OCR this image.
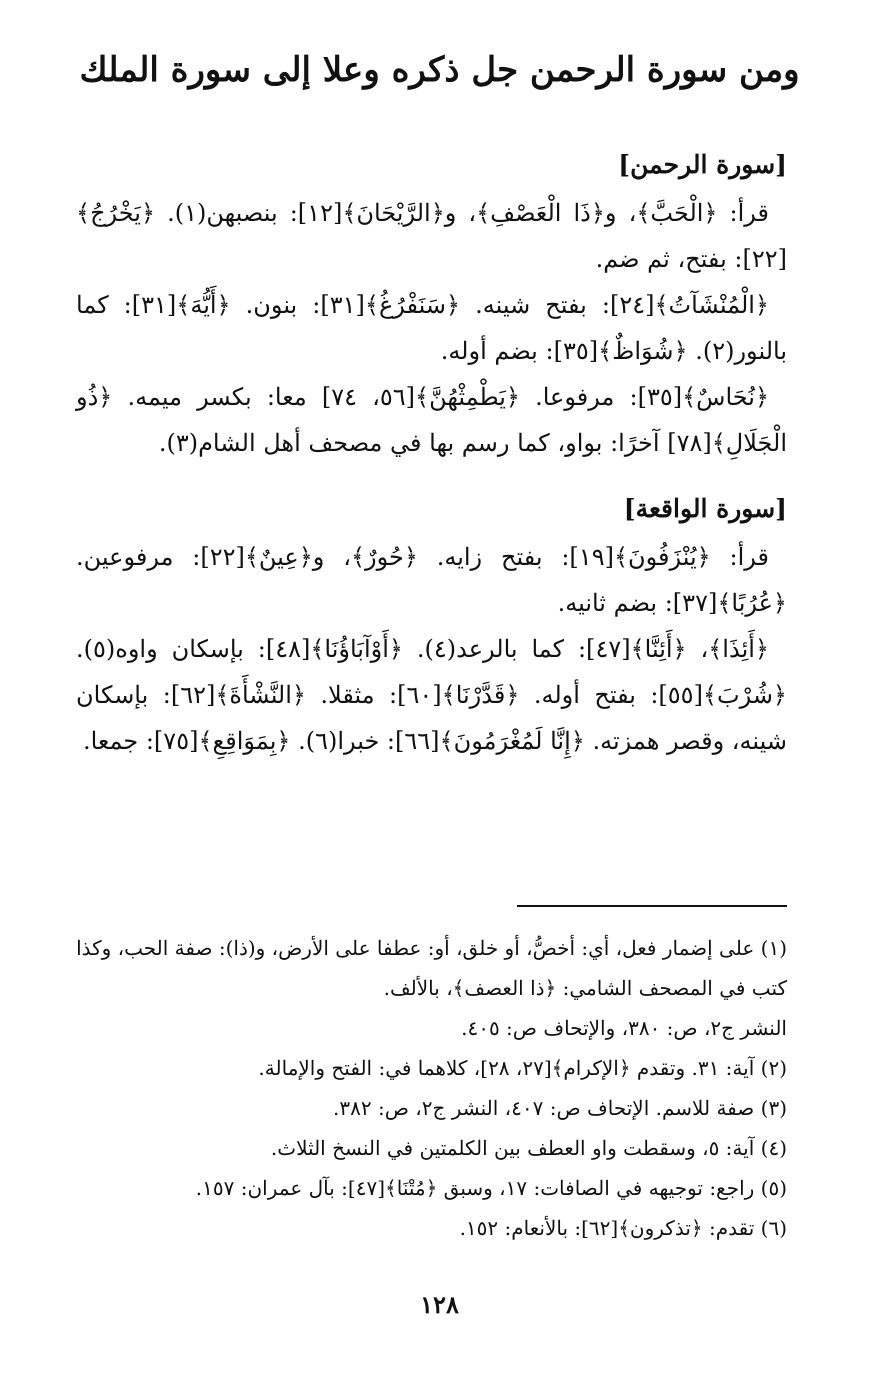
ومن سورة الرحمن جل ذكره وعلا إلى سورة الملك
[سورة الرحمن]

قرأ: ﴿الْحَبَّ﴾، و﴿ذَا الْعَصْفِ﴾، و﴿الرَّيْحَانَ﴾[١٢]: بنصبهن(١). ﴿يَخْرُجُ﴾[٢٢]: بفتح، ثم ضم.

﴿الْمُنْشَآتُ﴾[٢٤]: بفتح شينه. ﴿سَنَفْرُغُ﴾[٣١]: بنون. ﴿أَيُّهَ﴾[٣١]: كما بالنور(٢). ﴿شُوَاظٌ﴾[٣٥]: بضم أوله.

﴿نُحَاسٌ﴾[٣٥]: مرفوعا. ﴿يَطْمِثْهُنَّ﴾[٥٦، ٧٤] معا: بكسر ميمه. ﴿ذُو الْجَلَالِ﴾[٧٨] آخرًا: بواو، كما رسم بها في مصحف أهل الشام(٣).

[سورة الواقعة]

قرأ: ﴿يُنْزَفُونَ﴾[١٩]: بفتح زايه. ﴿حُورٌ﴾، و﴿عِينٌ﴾[٢٢]: مرفوعين. ﴿عُرُبًا﴾[٣٧]: بضم ثانيه.

﴿أَئِذَا﴾، ﴿أَئِنَّا﴾[٤٧]: كما بالرعد(٤). ﴿أَوْآبَاؤُنَا﴾[٤٨]: بإسكان واوه(٥). ﴿شُرْبَ﴾[٥٥]: بفتح أوله. ﴿قَدَّرْنَا﴾[٦٠]: مثقلا. ﴿النَّشْأَةَ﴾[٦٢]: بإسكان شينه، وقصر همزته. ﴿إِنَّا لَمُغْرَمُونَ﴾[٦٦]: خبرا(٦). ﴿بِمَوَاقِعِ﴾[٧٥]: جمعا.

(١) على إضمار فعل، أي: أخصُّ، أو خلق، أو: عطفا على الأرض، و(ذا): صفة الحب، وكذا كتب في المصحف الشامي: ﴿ذا العصف﴾، بالألف.

النشر ج٢، ص: ٣٨٠، والإتحاف ص: ٤٠٥.

(٢) آية: ٣١. وتقدم ﴿الإكرام﴾[٢٧، ٢٨]، كلاهما في: الفتح والإمالة.

(٣) صفة للاسم. الإتحاف ص: ٤٠٧، النشر ج٢، ص: ٣٨٢.

(٤) آية: ٥، وسقطت واو العطف بين الكلمتين في النسخ الثلاث.

(٥) راجع: توجيهه في الصافات: ١٧، وسبق ﴿مُتْنَا﴾[٤٧]: بآل عمران: ١٥٧.

(٦) تقدم: ﴿تذكرون﴾[٦٢]: بالأنعام: ١٥٢.

١٢٨
